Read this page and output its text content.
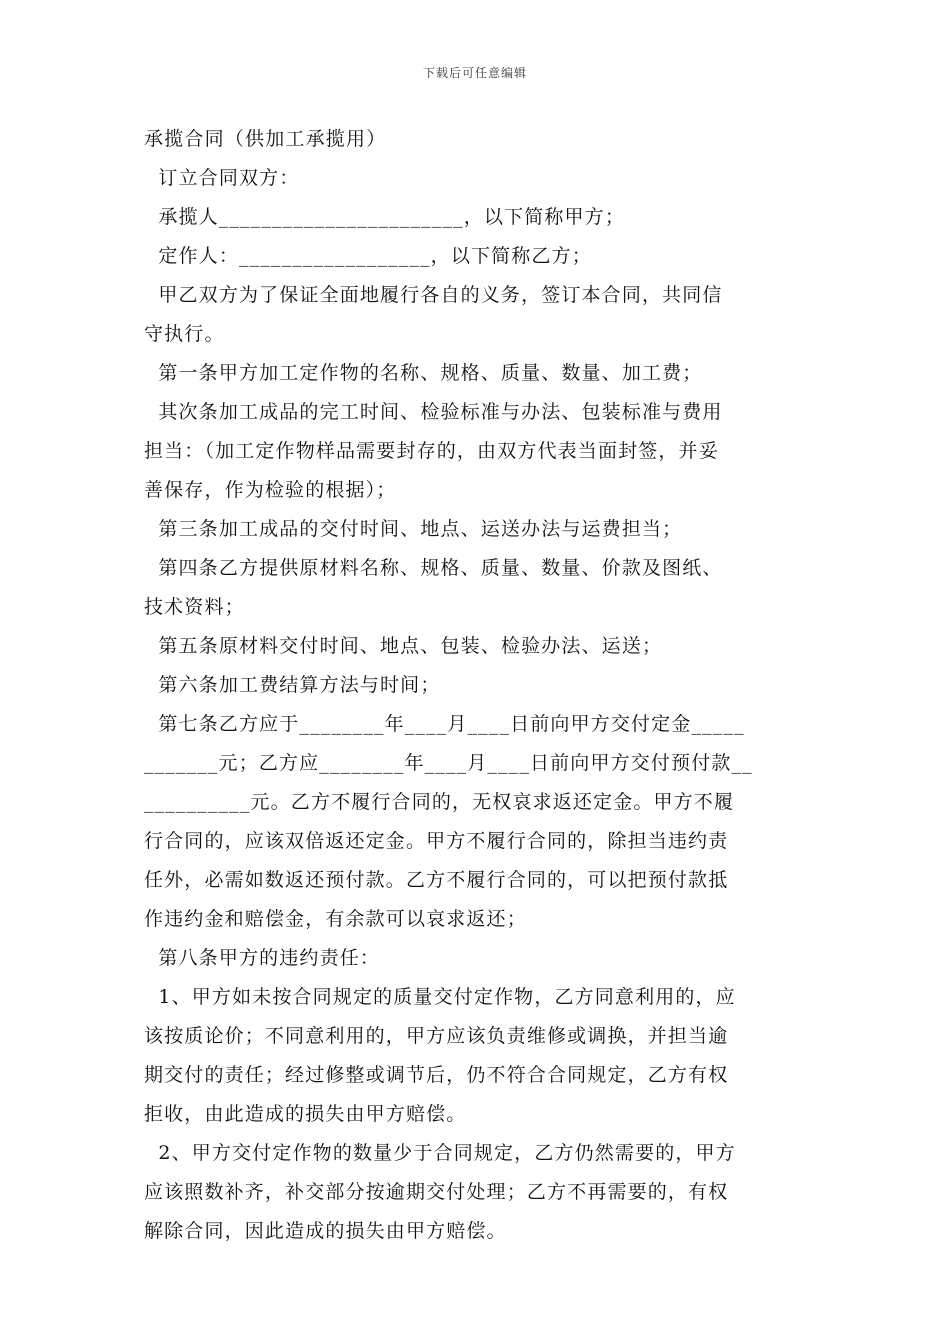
下载后可任意编辑
承揽合同（供加工承揽用）
订立合同双方：
承揽人_______________________，以下简称甲方；
定作人：__________________，以下简称乙方；
甲乙双方为了保证全面地履行各自的义务，签订本合同，共同信
守执行。
第一条甲方加工定作物的名称、规格、质量、数量、加工费；
其次条加工成品的完工时间、检验标准与办法、包装标准与费用
担当：（加工定作物样品需要封存的，由双方代表当面封签，并妥
善保存，作为检验的根据）；
第三条加工成品的交付时间、地点、运送办法与运费担当；
第四条乙方提供原材料名称、规格、质量、数量、价款及图纸、
技术资料；
第五条原材料交付时间、地点、包装、检验办法、运送；
第六条加工费结算方法与时间；
第七条乙方应于________年____月____日前向甲方交付定金_____
_______元；乙方应________年____月____日前向甲方交付预付款__
__________元。乙方不履行合同的，无权哀求返还定金。甲方不履
行合同的，应该双倍返还定金。甲方不履行合同的，除担当违约责
任外，必需如数返还预付款。乙方不履行合同的，可以把预付款抵
作违约金和赔偿金，有余款可以哀求返还；
第八条甲方的违约责任：
1、甲方如未按合同规定的质量交付定作物，乙方同意利用的，应
该按质论价；不同意利用的，甲方应该负责维修或调换，并担当逾
期交付的责任；经过修整或调节后，仍不符合合同规定，乙方有权
拒收，由此造成的损失由甲方赔偿。
2、甲方交付定作物的数量少于合同规定，乙方仍然需要的，甲方
应该照数补齐，补交部分按逾期交付处理；乙方不再需要的，有权
解除合同，因此造成的损失由甲方赔偿。
